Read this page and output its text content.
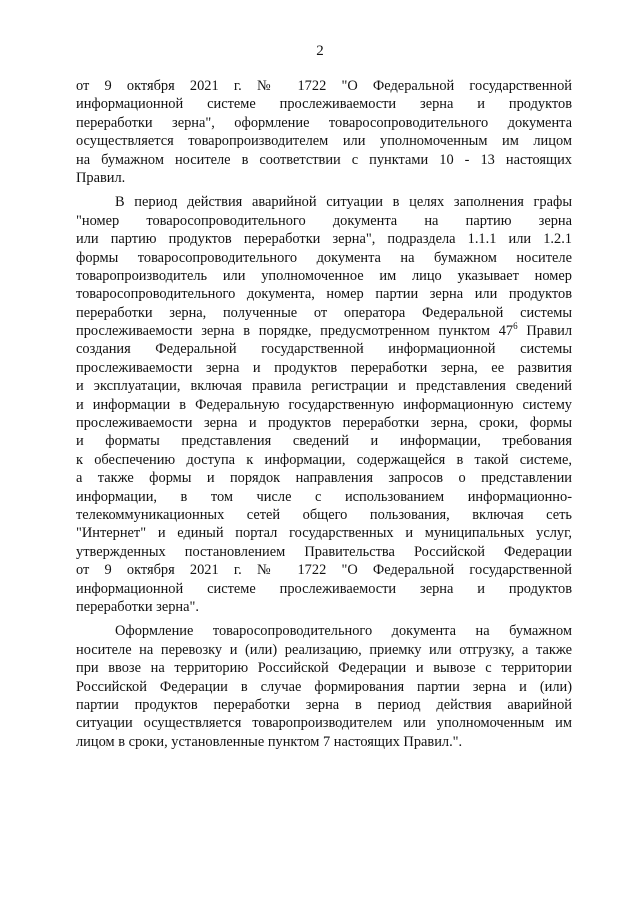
2
от 9 октября 2021 г. № 1722 "О Федеральной государственной
информационной системе прослеживаемости зерна и продуктов
переработки зерна", оформление товаросопроводительного документа
осуществляется товаропроизводителем или уполномоченным им лицом
на бумажном носителе в соответствии с пунктами 10 - 13 настоящих
Правил.
В период действия аварийной ситуации в целях заполнения графы
"номер товаросопроводительного документа на партию зерна
или партию продуктов переработки зерна", подраздела 1.1.1 или 1.2.1
формы товаросопроводительного документа на бумажном носителе
товаропроизводитель или уполномоченное им лицо указывает номер
товаросопроводительного документа, номер партии зерна или продуктов
переработки зерна, полученные от оператора Федеральной системы
прослеживаемости зерна в порядке, предусмотренном пунктом $47^6$ Правил
создания Федеральной государственной информационной системы
прослеживаемости зерна и продуктов переработки зерна, ее развития
и эксплуатации, включая правила регистрации и представления сведений
и информации в Федеральную государственную информационную систему
прослеживаемости зерна и продуктов переработки зерна, сроки, формы
и форматы представления сведений и информации, требования
к обеспечению доступа к информации, содержащейся в такой системе,
а также формы и порядок направления запросов о представлении
информации, в том числе с использованием информационно-
телекоммуникационных сетей общего пользования, включая сеть
"Интернет" и единый портал государственных и муниципальных услуг,
утвержденных постановлением Правительства Российской Федерации
от 9 октября 2021 г. № 1722 "О Федеральной государственной
информационной системе прослеживаемости зерна и продуктов
переработки зерна".
Оформление товаросопроводительного документа на бумажном
носителе на перевозку и (или) реализацию, приемку или отгрузку, а также
при ввозе на территорию Российской Федерации и вывозе с территории
Российской Федерации в случае формирования партии зерна и (или)
партии продуктов переработки зерна в период действия аварийной
ситуации осуществляется товаропроизводителем или уполномоченным им
лицом в сроки, установленные пунктом 7 настоящих Правил.".
